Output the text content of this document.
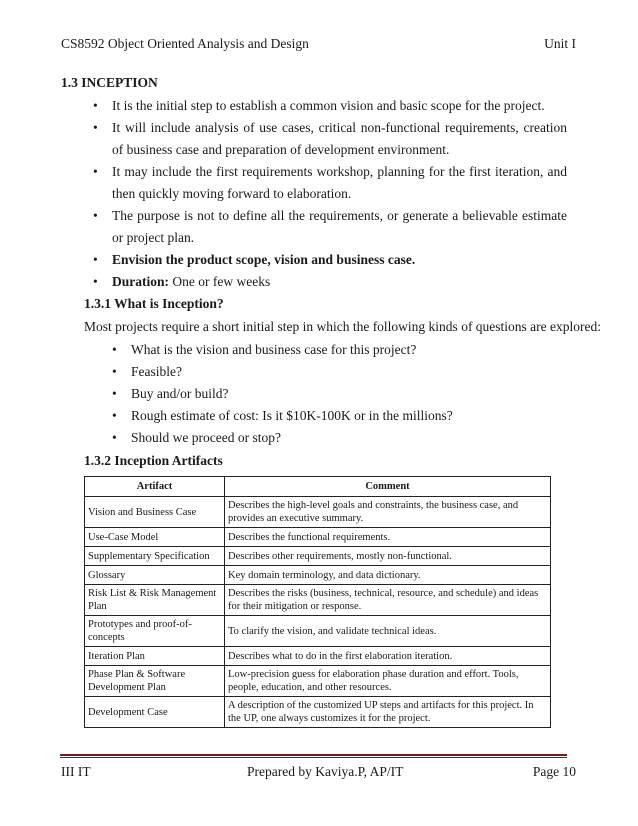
CS8592 Object Oriented Analysis and Design	Unit I
1.3 INCEPTION
• It is the initial step to establish a common vision and basic scope for the project.
• It will include analysis of use cases, critical non-functional requirements, creation of business case and preparation of development environment.
• It may include the first requirements workshop, planning for the first iteration, and then quickly moving forward to elaboration.
• The purpose is not to define all the requirements, or generate a believable estimate or project plan.
• Envision the product scope, vision and business case.
• Duration: One or few weeks
1.3.1 What is Inception?
Most projects require a short initial step in which the following kinds of questions are explored:
• What is the vision and business case for this project?
• Feasible?
• Buy and/or build?
• Rough estimate of cost: Is it $10K-100K or in the millions?
• Should we proceed or stop?
1.3.2 Inception Artifacts
Artifact	Comment
Vision and Business Case	Describes the high-level goals and constraints, the business case, and provides an executive summary.
Use-Case Model	Describes the functional requirements.
Supplementary Specification	Describes other requirements, mostly non-functional.
Glossary	Key domain terminology, and data dictionary.
Risk List & Risk Management Plan	Describes the risks (business, technical, resource, and schedule) and ideas for their mitigation or response.
Prototypes and proof-of-concepts	To clarify the vision, and validate technical ideas.
Iteration Plan	Describes what to do in the first elaboration iteration.
Phase Plan & Software Development Plan	Low-precision guess for elaboration phase duration and effort. Tools, people, education, and other resources.
Development Case	A description of the customized UP steps and artifacts for this project. In the UP, one always customizes it for the project.
III IT	Prepared by Kaviya.P, AP/IT	Page 10
